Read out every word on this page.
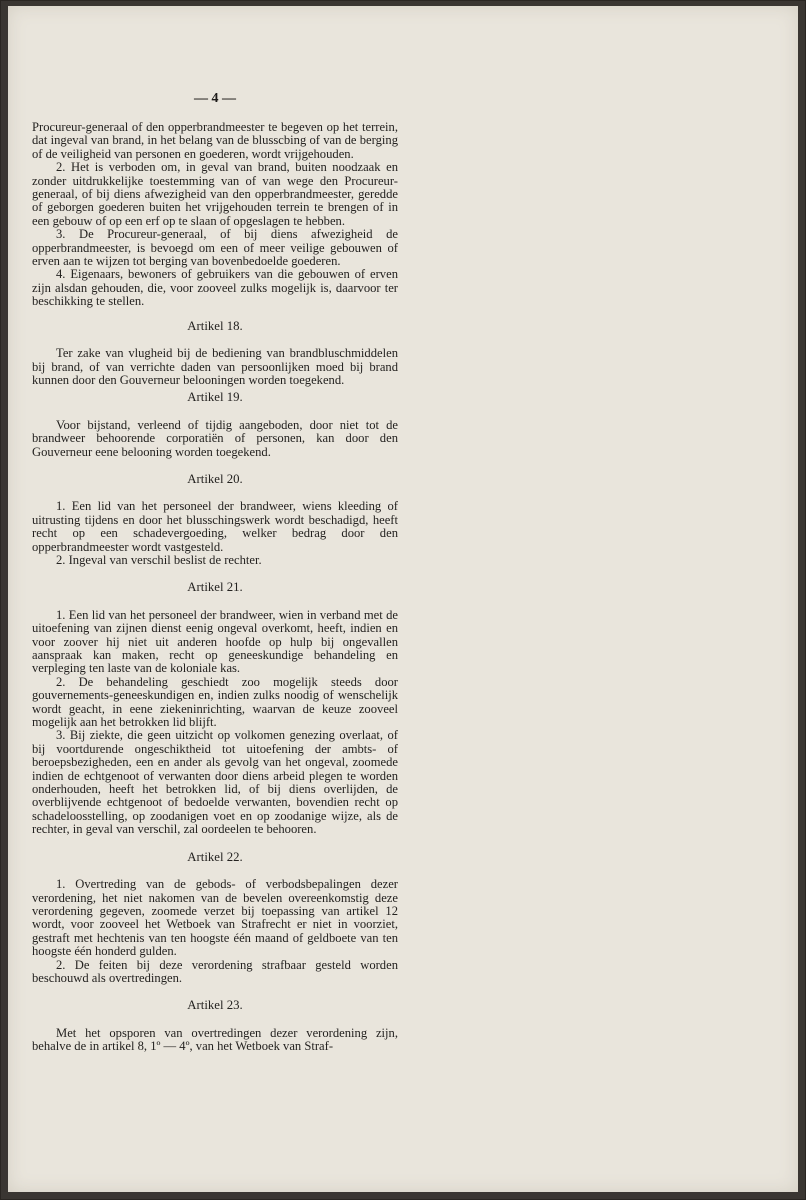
— 4 —

Procureur-generaal of den opperbrandmeester te begeven op het terrein, dat ingeval van brand, in het belang van de blusscbing of van de berging of de veiligheid van personen en goederen, wordt vrijgehouden.

2. Het is verboden om, in geval van brand, buiten noodzaak en zonder uitdrukkelijke toestemming van of van wege den Procureur-generaal, of bij diens afwezigheid van den opperbrandmeester, geredde of geborgen goederen buiten het vrijgehouden terrein te brengen of in een gebouw of op een erf op te slaan of opgeslagen te hebben.

3. De Procureur-generaal, of bij diens afwezigheid de opperbrandmeester, is bevoegd om een of meer veilige gebouwen of erven aan te wijzen tot berging van bovenbedoelde goederen.

4. Eigenaars, bewoners of gebruikers van die gebouwen of erven zijn alsdan gehouden, die, voor zooveel zulks mogelijk is, daarvoor ter beschikking te stellen.

Artikel 18.

Ter zake van vlugheid bij de bediening van brandbluschmiddelen bij brand, of van verrichte daden van persoonlijken moed bij brand kunnen door den Gouverneur belooningen worden toegekend.

Artikel 19.

Voor bijstand, verleend of tijdig aangeboden, door niet tot de brandweer behoorende corporatiën of personen, kan door den Gouverneur eene belooning worden toegekend.

Artikel 20.

1. Een lid van het personeel der brandweer, wiens kleeding of uitrusting tijdens en door het blusschingswerk wordt beschadigd, heeft recht op een schadevergoeding, welker bedrag door den opperbrandmeester wordt vastgesteld.

2. Ingeval van verschil beslist de rechter.

Artikel 21.

1. Een lid van het personeel der brandweer, wien in verband met de uitoefening van zijnen dienst eenig ongeval overkomt, heeft, indien en voor zoover hij niet uit anderen hoofde op hulp bij ongevallen aanspraak kan maken, recht op geneeskundige behandeling en verpleging ten laste van de koloniale kas.

2. De behandeling geschiedt zoo mogelijk steeds door gouvernements-geneeskundigen en, indien zulks noodig of wenschelijk wordt geacht, in eene ziekeninrichting, waarvan de keuze zooveel mogelijk aan het betrokken lid blijft.

3. Bij ziekte, die geen uitzicht op volkomen genezing overlaat, of bij voortdurende ongeschiktheid tot uitoefening der ambts- of beroepsbezigheden, een en ander als gevolg van het ongeval, zoomede indien de echtgenoot of verwanten door diens arbeid plegen te worden onderhouden, heeft het betrokken lid, of bij diens overlijden, de overblijvende echtgenoot of bedoelde verwanten, bovendien recht op schadeloosstelling, op zoodanigen voet en op zoodanige wijze, als de rechter, in geval van verschil, zal oordeelen te behooren.

Artikel 22.

1. Overtreding van de gebods- of verbodsbepalingen dezer verordening, het niet nakomen van de bevelen overeenkomstig deze verordening gegeven, zoomede verzet bij toepassing van artikel 12 wordt, voor zooveel het Wetboek van Strafrecht er niet in voorziet, gestraft met hechtenis van ten hoogste één maand of geldboete van ten hoogste één honderd gulden.

2. De feiten bij deze verordening strafbaar gesteld worden beschouwd als overtredingen.

Artikel 23.

Met het opsporen van overtredingen dezer verordening zijn, behalve de in artikel 8, 1º — 4º, van het Wetboek van Straf-
